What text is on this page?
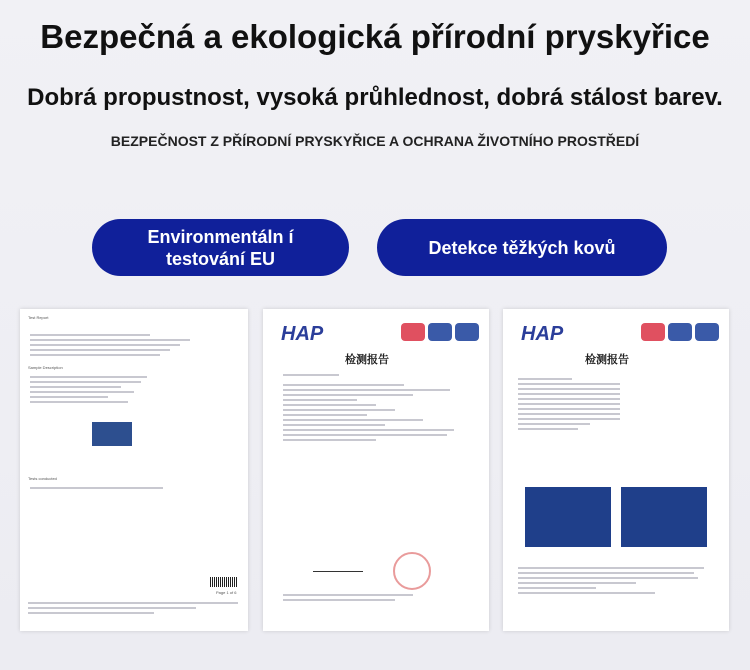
Bezpečná a ekologická přírodní pryskyřice
Dobrá propustnost, vysoká průhlednost, dobrá stálost barev.
BEZPEČNOST Z PŘÍRODNÍ PRYSKYŘICE A OCHRANA ŽIVOTNÍHO PROSTŘEDÍ
Environmentáln í testování EU
Detekce těžkých kovů
Test Report
Sample Description
Tests conducted
Page 1 of 6
HAP
检测报告
HAP
检测报告
